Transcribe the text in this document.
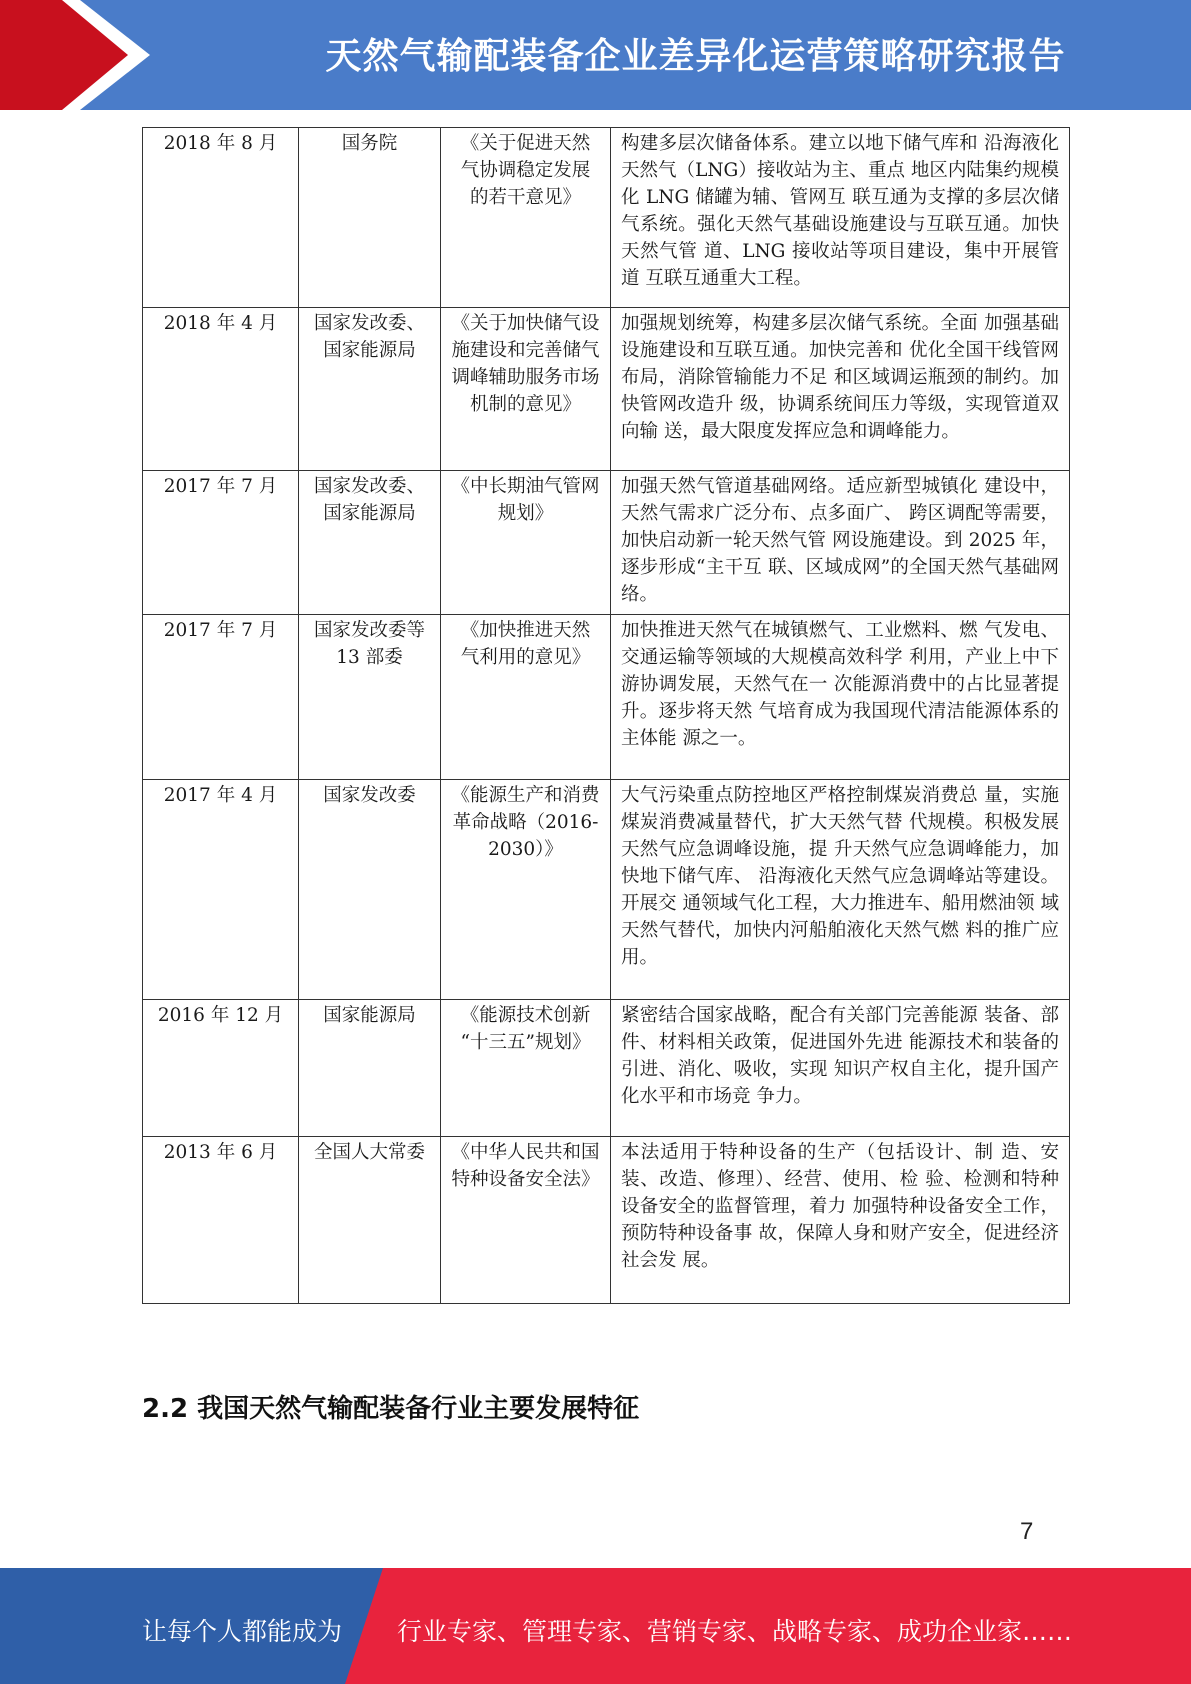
天然气输配装备企业差异化运营策略研究报告
2018 年 8 月	国务院	《关于促进天然 气协调稳定发展 的若干意见》	构建多层次储备体系。建立以地下储气库和 沿海液化天然气（LNG）接收站为主、重点 地区内陆集约规模化 LNG 储罐为辅、管网互 联互通为支撑的多层次储气系统。强化天然气基础设施建设与互联互通。加快天然气管 道、LNG 接收站等项目建设，集中开展管道 互联互通重大工程。
2018 年 4 月	国家发改委、国家能源局	《关于加快储气设施建设和完善储气调峰辅助服务市场机制的意见》	加强规划统筹，构建多层次储气系统。全面 加强基础设施建设和互联互通。加快完善和 优化全国干线管网布局，消除管输能力不足 和区域调运瓶颈的制约。加快管网改造升 级，协调系统间压力等级，实现管道双向输 送，最大限度发挥应急和调峰能力。
2017 年 7 月	国家发改委、国家能源局	《中长期油气管网规划》	加强天然气管道基础网络。适应新型城镇化 建设中，天然气需求广泛分布、点多面广、 跨区调配等需要，加快启动新一轮天然气管 网设施建设。到 2025 年，逐步形成“主干互 联、区域成网”的全国天然气基础网络。
2017 年 7 月	国家发改委等 13 部委	《加快推进天然 气利用的意见》	加快推进天然气在城镇燃气、工业燃料、燃 气发电、交通运输等领域的大规模高效科学 利用，产业上中下游协调发展，天然气在一 次能源消费中的占比显著提升。逐步将天然 气培育成为我国现代清洁能源体系的主体能 源之一。
2017 年 4 月	国家发改委	《能源生产和消费革命战略（2016-2030）》	大气污染重点防控地区严格控制煤炭消费总 量，实施煤炭消费减量替代，扩大天然气替 代规模。积极发展天然气应急调峰设施，提 升天然气应急调峰能力，加快地下储气库、 沿海液化天然气应急调峰站等建设。开展交 通领域气化工程，大力推进车、船用燃油领 域天然气替代，加快内河船舶液化天然气燃 料的推广应用。
2016 年 12 月	国家能源局	《能源技术创新 “十三五”规划》	紧密结合国家战略，配合有关部门完善能源 装备、部件、材料相关政策，促进国外先进 能源技术和装备的引进、消化、吸收，实现 知识产权自主化，提升国产化水平和市场竞 争力。
2013 年 6 月	全国人大常委	《中华人民共和国特种设备安全法》	本法适用于特种设备的生产（包括设计、制 造、安装、改造、修理）、经营、使用、检 验、检测和特种设备安全的监督管理，着力 加强特种设备安全工作，预防特种设备事 故，保障人身和财产安全，促进经济社会发 展。
2.2 我国天然气输配装备行业主要发展特征
7
让每个人都能成为 行业专家、管理专家、营销专家、战略专家、成功企业家……
